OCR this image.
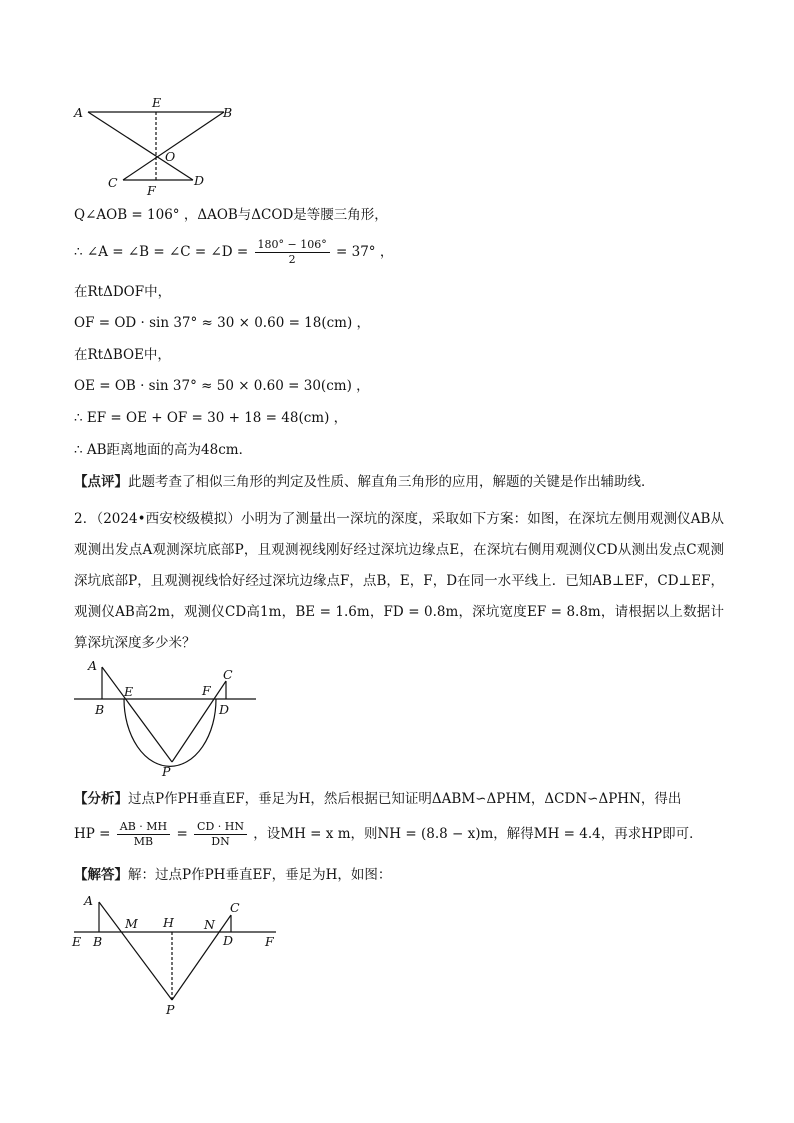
A	B
E
O
C	D
F
Q∠AOB = 106° ，ΔAOB与ΔCOD是等腰三角形，
∴ ∠A = ∠B = ∠C = ∠D = $\frac{180^\circ - 106^\circ}{2} = 37^\circ$ ，
在RtΔDOF中，
OF = OD · sin 37° ≈ 30 × 0.60 = 18(cm) ，
在RtΔBOE中，
OE = OB · sin 37° ≈ 50 × 0.60 = 30(cm) ，
∴ EF = OE + OF = 30 + 18 = 48(cm) ，
∴ AB距离地面的高为48cm．
【点评】此题考查了相似三角形的判定及性质、解直角三角形的应用，解题的关键是作出辅助线．
2．（2024•西安校级模拟）小明为了测量出一深坑的深度，采取如下方案：如图，在深坑左侧用观测仪AB从观测出发点A观测深坑底部P，且观测视线刚好经过深坑边缘点E，在深坑右侧用观测仪CD从测出发点C观测深坑底部P，且观测视线恰好经过深坑边缘点F，点B，E，F，D在同一水平线上．已知AB⊥EF，CD⊥EF，观测仪AB高2m，观测仪CD高1m，BE = 1.6m，FD = 0.8m，深坑宽度EF = 8.8m，请根据以上数据计算深坑深度多少米？
A
B
E	F
C
D
P
【分析】过点P作PH垂直EF，垂足为H，然后根据已知证明ΔABM∽ΔPHM，ΔCDN∽ΔPHN，得出
HP = $\frac{AB \cdot MH}{MB} = \frac{CD \cdot HN}{DN}$ ，设MH = x m，则NH = (8.8 − x)m，解得MH = 4.4，再求HP即可．
【解答】解：过点P作PH垂直EF，垂足为H，如图：
A
E B
M H N
C
D	F
P
